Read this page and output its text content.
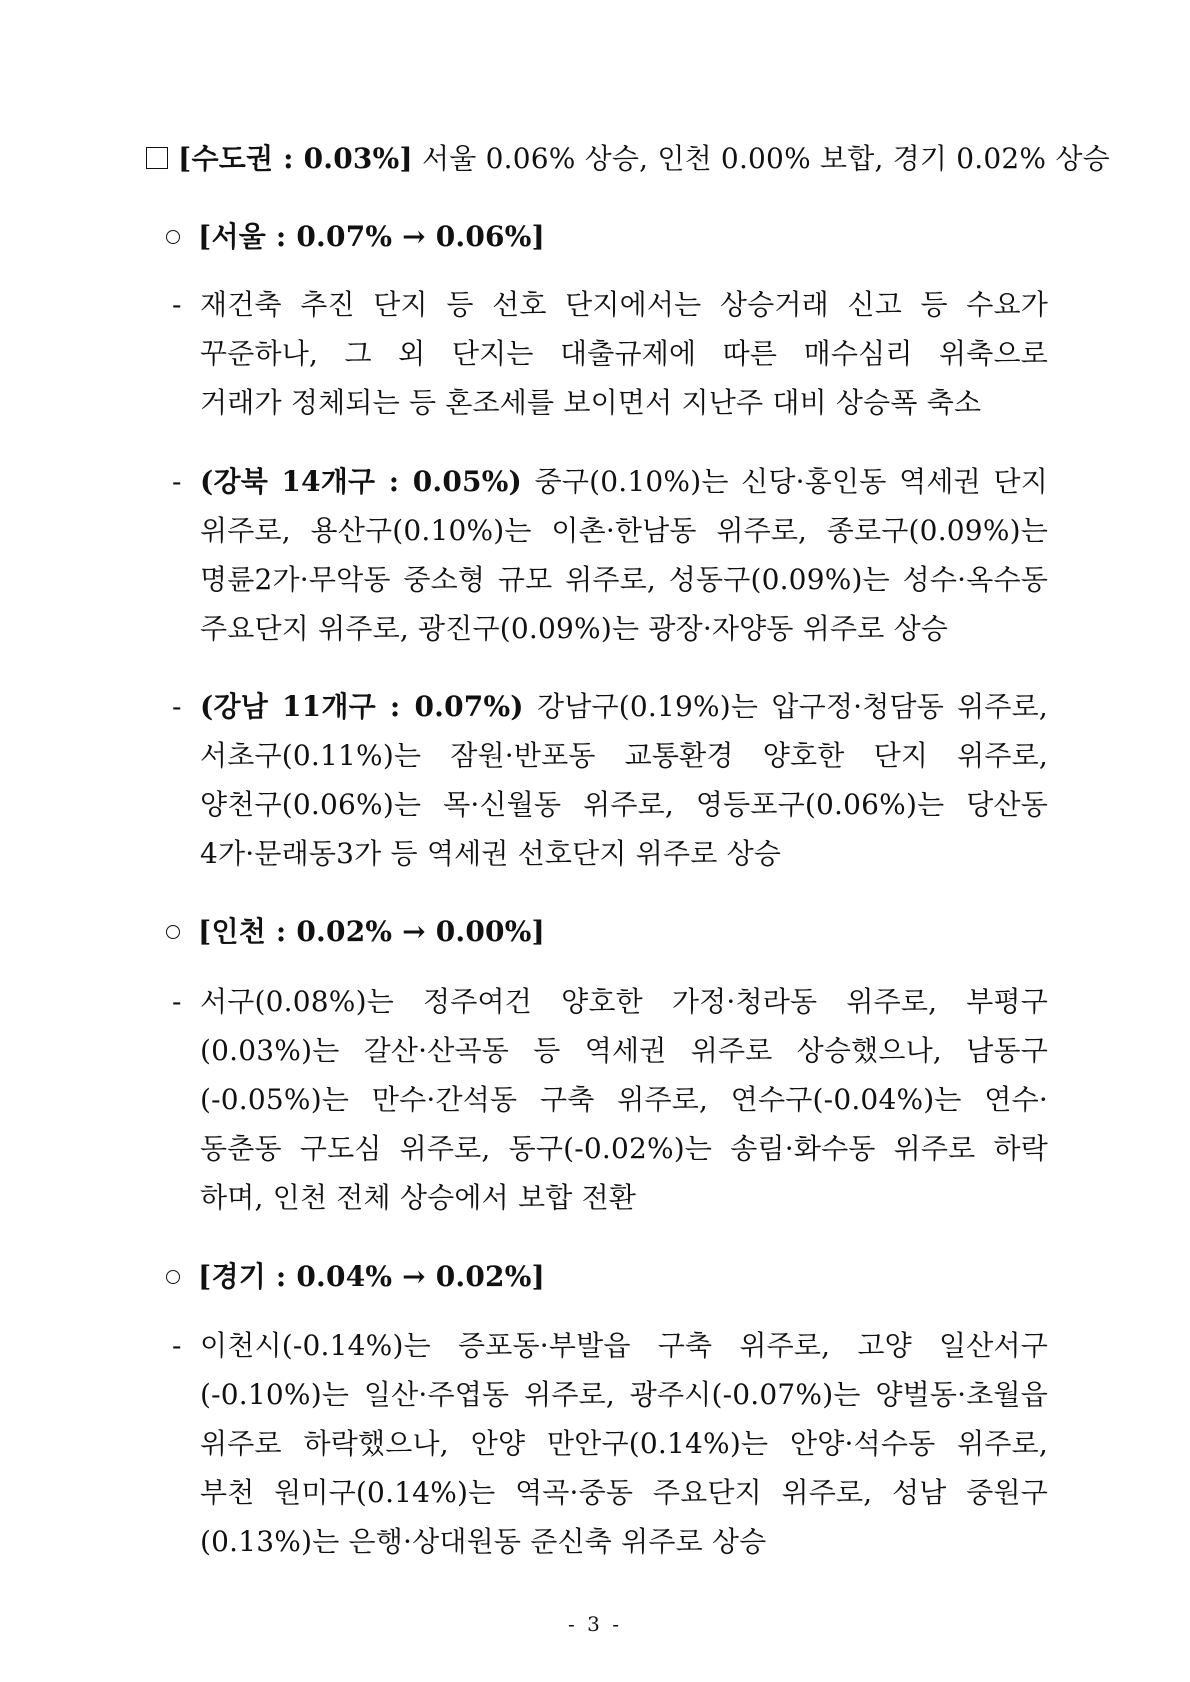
[수도권 : 0.03%] 서울 0.06% 상승, 인천 0.00% 보합, 경기 0.02% 상승
[서울 : 0.07% → 0.06%]
- 재건축 추진 단지 등 선호 단지에서는 상승거래 신고 등 수요가
꾸준하나, 그 외 단지는 대출규제에 따른 매수심리 위축으로
거래가 정체되는 등 혼조세를 보이면서 지난주 대비 상승폭 축소
- (강북 14개구 : 0.05%) 중구(0.10%)는 신당·홍인동 역세권 단지
위주로, 용산구(0.10%)는 이촌·한남동 위주로, 종로구(0.09%)는
명륜2가·무악동 중소형 규모 위주로, 성동구(0.09%)는 성수·옥수동
주요단지 위주로, 광진구(0.09%)는 광장·자양동 위주로 상승
- (강남 11개구 : 0.07%) 강남구(0.19%)는 압구정·청담동 위주로,
서초구(0.11%)는 잠원·반포동 교통환경 양호한 단지 위주로,
양천구(0.06%)는 목·신월동 위주로, 영등포구(0.06%)는 당산동
4가·문래동3가 등 역세권 선호단지 위주로 상승
[인천 : 0.02% → 0.00%]
- 서구(0.08%)는 정주여건 양호한 가정·청라동 위주로, 부평구
(0.03%)는 갈산·산곡동 등 역세권 위주로 상승했으나, 남동구
(-0.05%)는 만수·간석동 구축 위주로, 연수구(-0.04%)는 연수·
동춘동 구도심 위주로, 동구(-0.02%)는 송림·화수동 위주로 하락
하며, 인천 전체 상승에서 보합 전환
[경기 : 0.04% → 0.02%]
- 이천시(-0.14%)는 증포동·부발읍 구축 위주로, 고양 일산서구
(-0.10%)는 일산·주엽동 위주로, 광주시(-0.07%)는 양벌동·초월읍
위주로 하락했으나, 안양 만안구(0.14%)는 안양·석수동 위주로,
부천 원미구(0.14%)는 역곡·중동 주요단지 위주로, 성남 중원구
(0.13%)는 은행·상대원동 준신축 위주로 상승
- 3 -
